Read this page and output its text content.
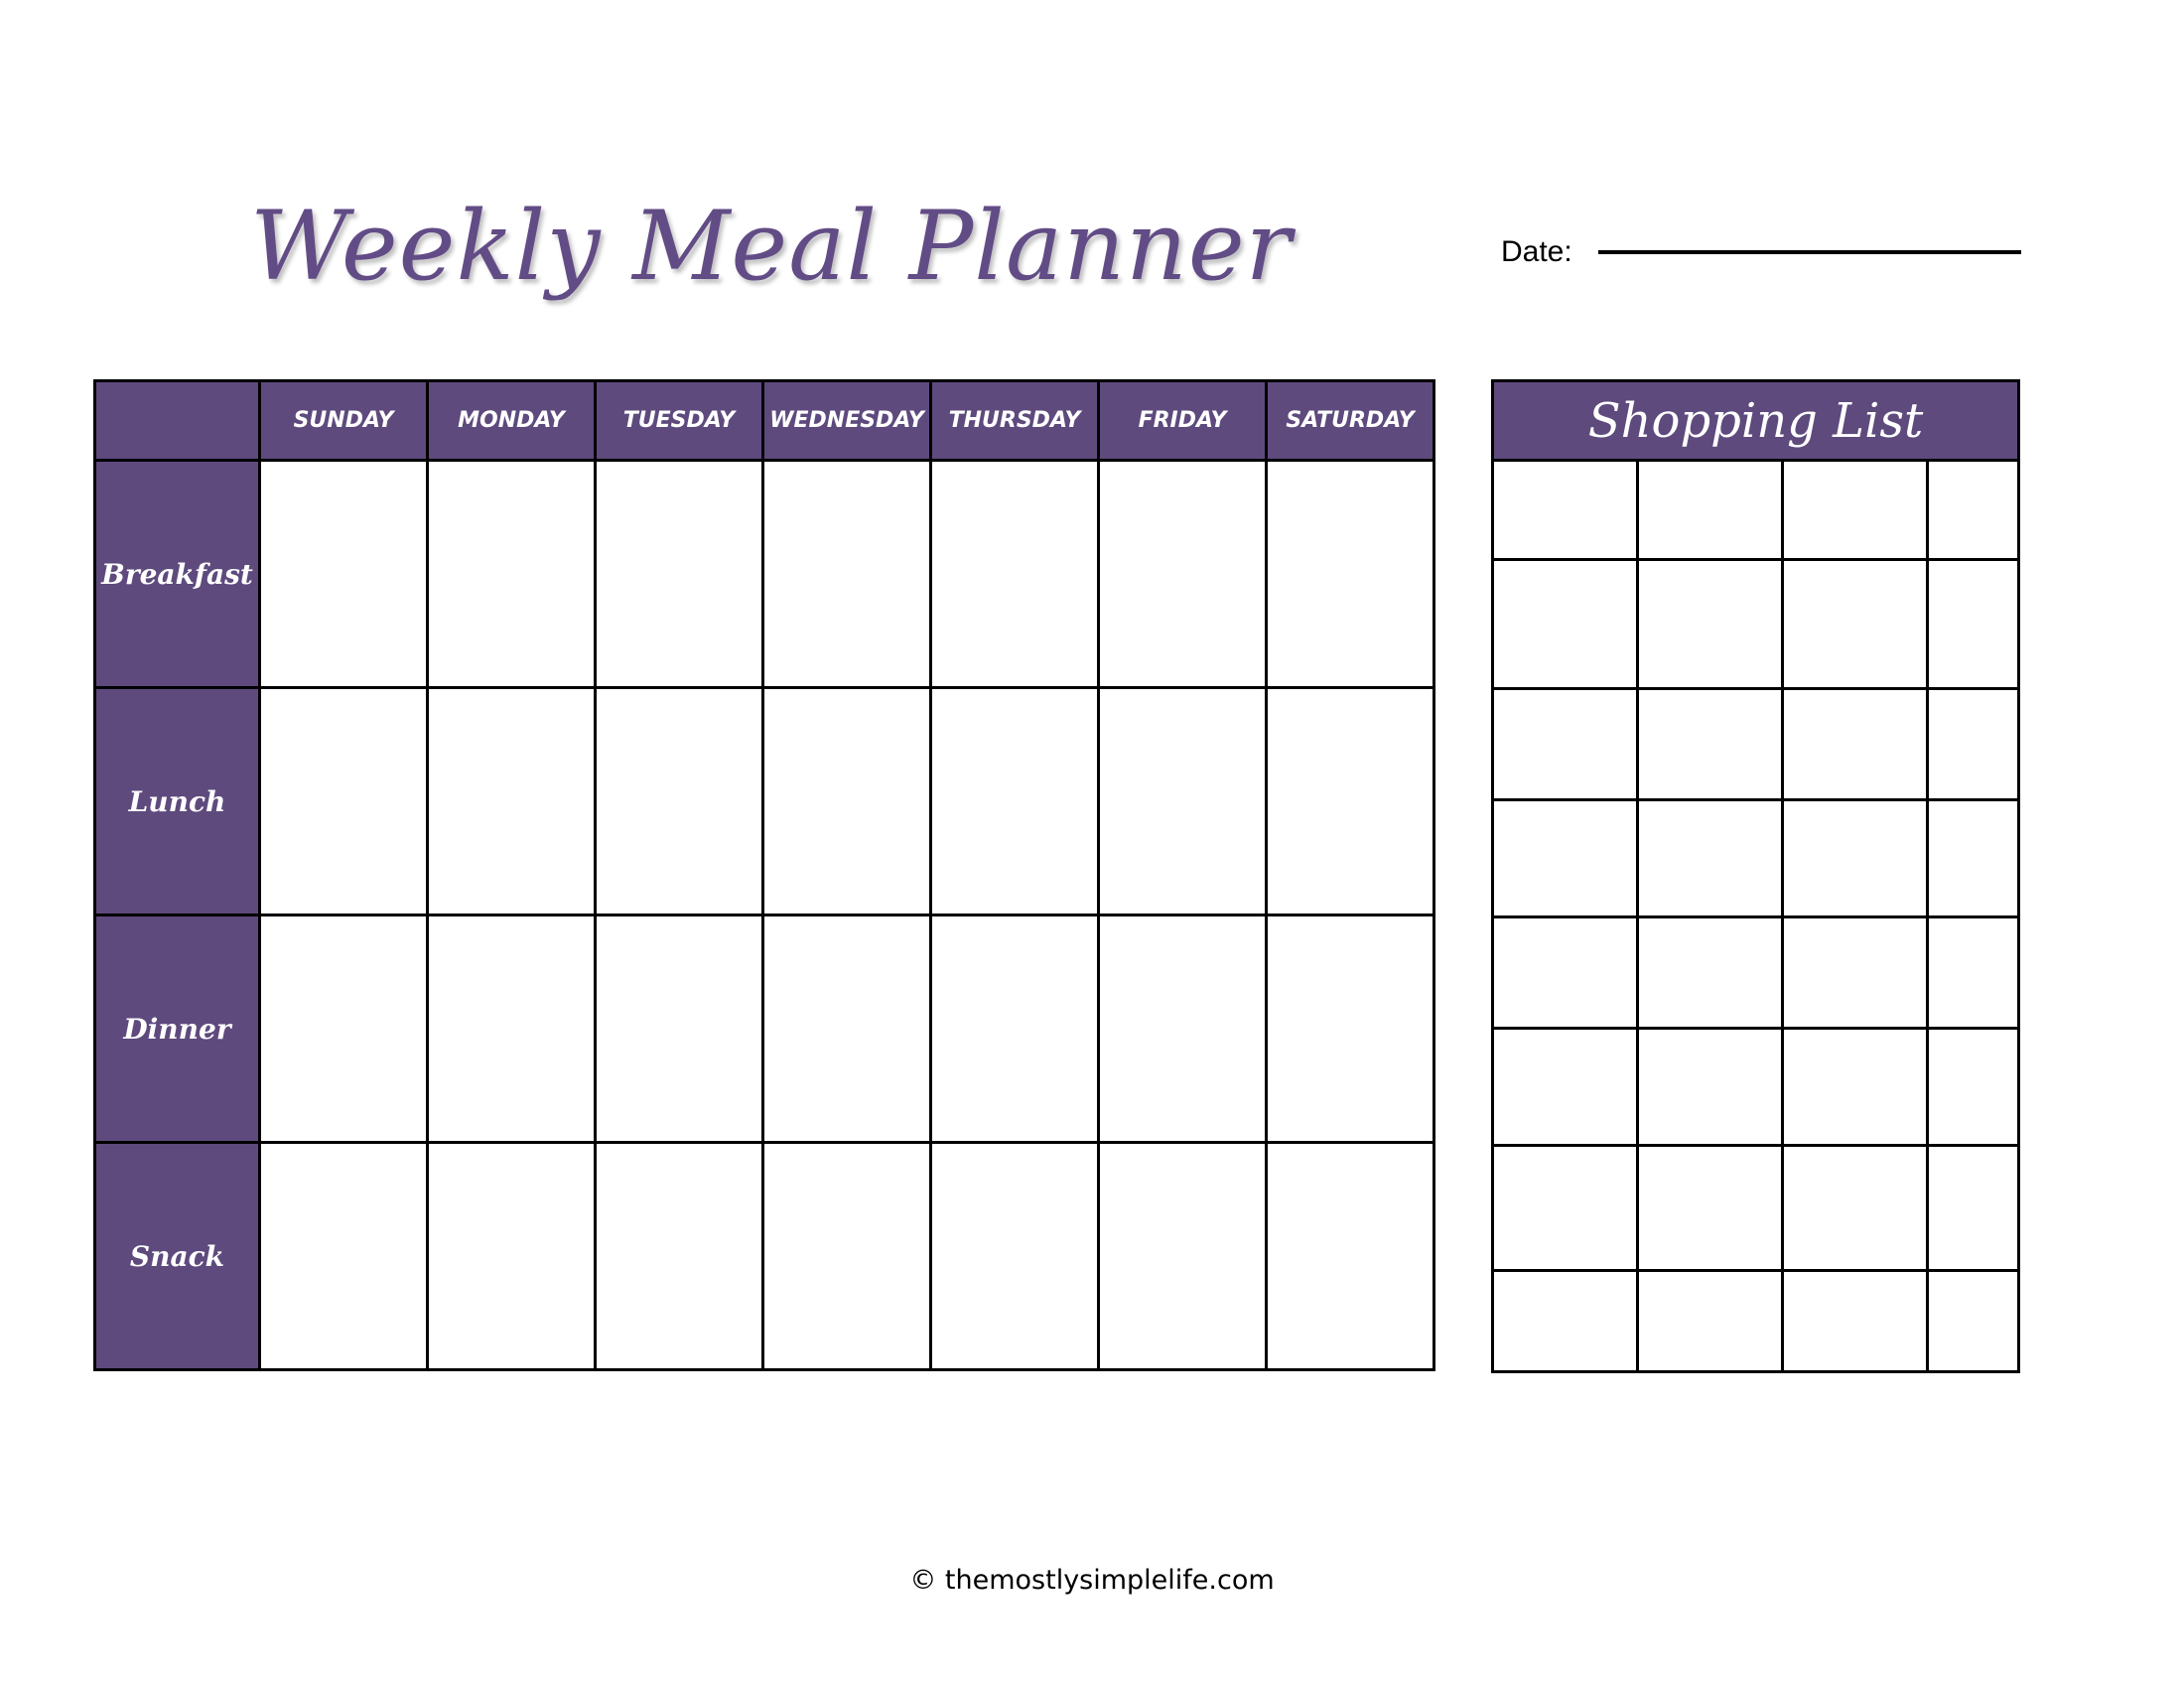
Weekly Meal Planner	Date:
	SUNDAY	MONDAY	TUESDAY	WEDNESDAY	THURSDAY	FRIDAY	SATURDAY
Breakfast							
Lunch							
Dinner							
Snack							
Shopping List			

© themostlysimplelife.com
